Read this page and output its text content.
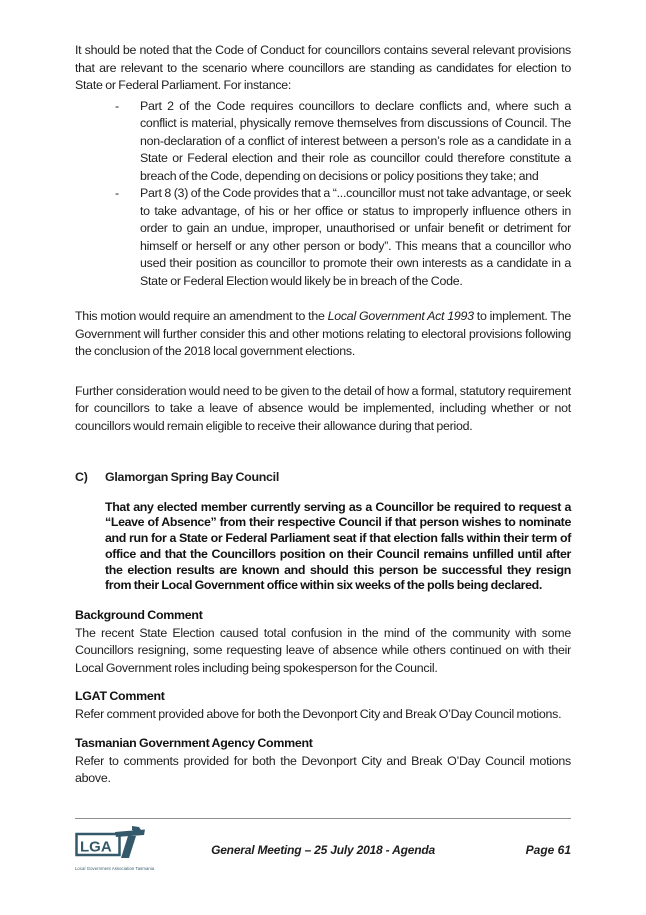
It should be noted that the Code of Conduct for councillors contains several relevant provisions that are relevant to the scenario where councillors are standing as candidates for election to State or Federal Parliament. For instance:

-	Part 2 of the Code requires councillors to declare conflicts and, where such a conflict is material, physically remove themselves from discussions of Council. The non-declaration of a conflict of interest between a person’s role as a candidate in a State or Federal election and their role as councillor could therefore constitute a breach of the Code, depending on decisions or policy positions they take; and
-	Part 8 (3) of the Code provides that a “...councillor must not take advantage, or seek to take advantage, of his or her office or status to improperly influence others in order to gain an undue, improper, unauthorised or unfair benefit or detriment for himself or herself or any other person or body”. This means that a councillor who used their position as councillor to promote their own interests as a candidate in a State or Federal Election would likely be in breach of the Code.

This motion would require an amendment to the Local Government Act 1993 to implement. The Government will further consider this and other motions relating to electoral provisions following the conclusion of the 2018 local government elections.

Further consideration would need to be given to the detail of how a formal, statutory requirement for councillors to take a leave of absence would be implemented, including whether or not councillors would remain eligible to receive their allowance during that period.

C)	Glamorgan Spring Bay Council

That any elected member currently serving as a Councillor be required to request a “Leave of Absence” from their respective Council if that person wishes to nominate and run for a State or Federal Parliament seat if that election falls within their term of office and that the Councillors position on their Council remains unfilled until after the election results are known and should this person be successful they resign from their Local Government office within six weeks of the polls being declared.

Background Comment

The recent State Election caused total confusion in the mind of the community with some Councillors resigning, some requesting leave of absence while others continued on with their Local Government roles including being spokesperson for the Council.

LGAT Comment

Refer comment provided above for both the Devonport City and Break O’Day Council motions.

Tasmanian Government Agency Comment

Refer to comments provided for both the Devonport City and Break O’Day Council motions above.

LGA
Local Government Association Tasmania
General Meeting – 25 July 2018 - Agenda	Page 61
